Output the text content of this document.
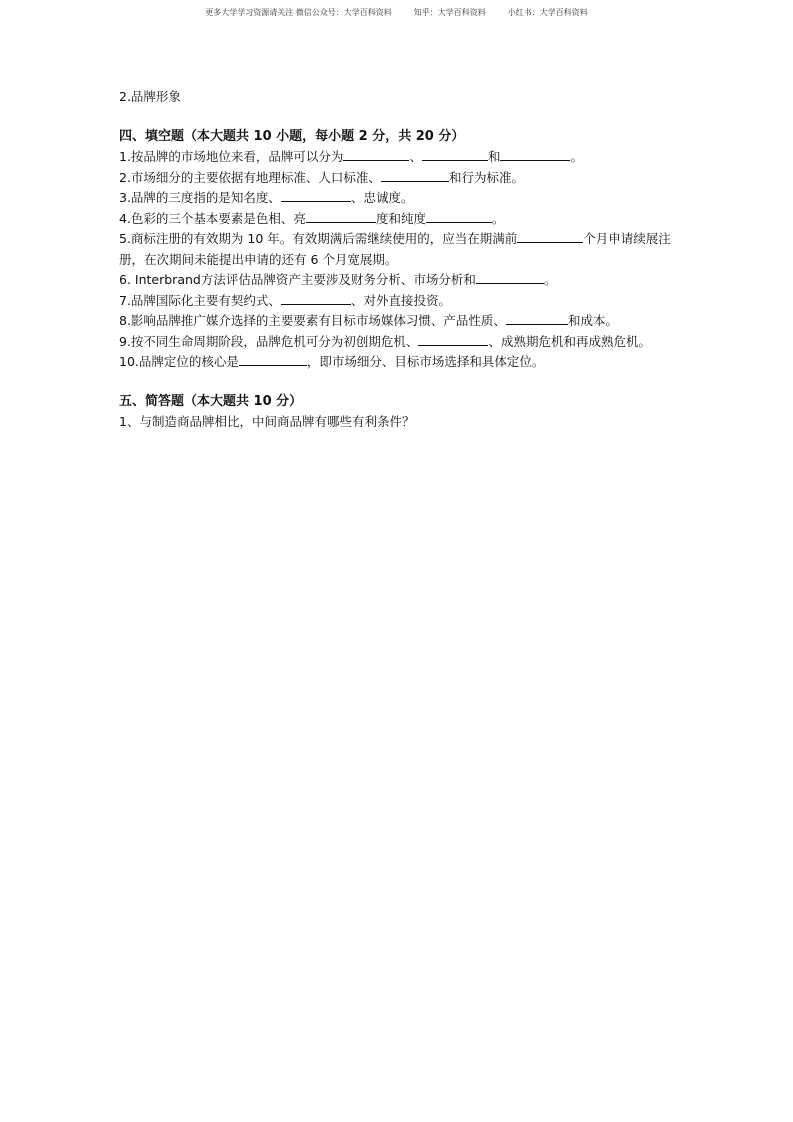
更多大学学习资源请关注 微信公众号：大学百科资料	知乎：大学百科资料	小红书：大学百科资料
2.品牌形象
四、填空题（本大题共 10 小题，每小题 2 分，共 20 分）
1.按品牌的市场地位来看，品牌可以分为	、	和	。
2.市场细分的主要依据有地理标准、人口标准、	和行为标准。
3.品牌的三度指的是知名度、	、忠诚度。
4.色彩的三个基本要素是色相、亮	度和纯度	。
5.商标注册的有效期为 10 年。有效期满后需继续使用的，应当在期满前	个月申请续展注册，在次期间未能提出申请的还有 6 个月宽展期。
6. Interbrand方法评估品牌资产主要涉及财务分析、市场分析和	。
7.品牌国际化主要有契约式、	、对外直接投资。
8.影响品牌推广媒介选择的主要要素有目标市场媒体习惯、产品性质、	和成本。
9.按不同生命周期阶段，品牌危机可分为初创期危机、	、成熟期危机和再成熟危机。
10.品牌定位的核心是	，即市场细分、目标市场选择和具体定位。
五、简答题（本大题共 10 分）
1、与制造商品牌相比，中间商品牌有哪些有利条件？
